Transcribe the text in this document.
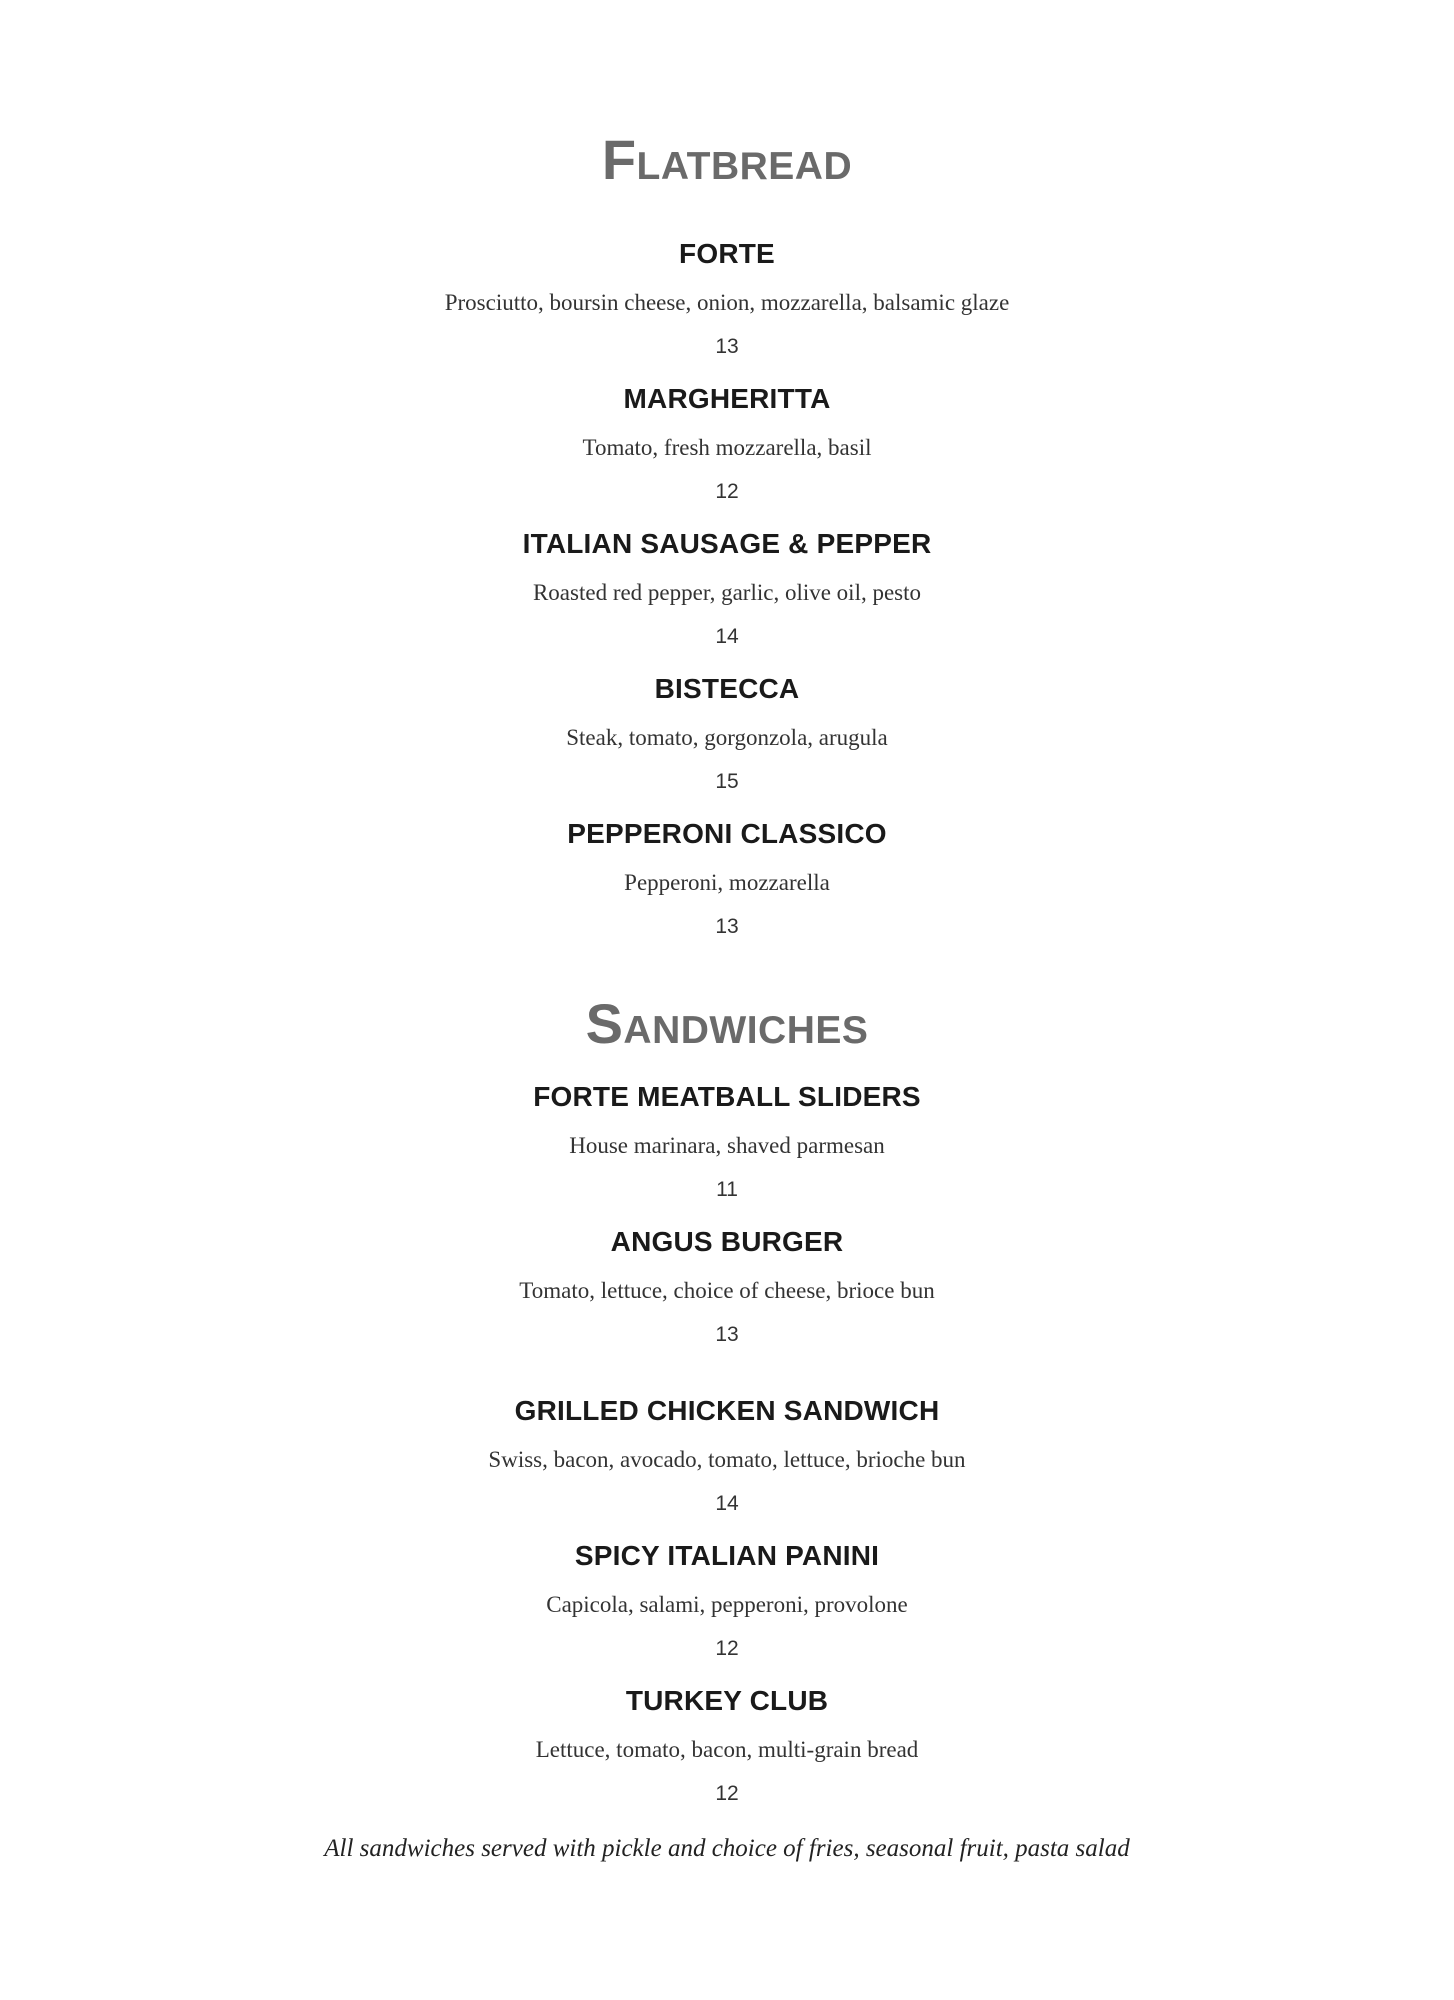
Flatbread
FORTE
Prosciutto, boursin cheese, onion, mozzarella, balsamic glaze
13
MARGHERITTA
Tomato, fresh mozzarella, basil
12
ITALIAN SAUSAGE & PEPPER
Roasted red pepper, garlic, olive oil, pesto
14
BISTECCA
Steak, tomato, gorgonzola, arugula
15
PEPPERONI CLASSICO
Pepperoni, mozzarella
13
Sandwiches
FORTE MEATBALL SLIDERS
House marinara, shaved parmesan
11
ANGUS BURGER
Tomato, lettuce, choice of cheese, brioce bun
13
GRILLED CHICKEN SANDWICH
Swiss, bacon, avocado, tomato, lettuce, brioche bun
14
SPICY ITALIAN PANINI
Capicola, salami, pepperoni, provolone
12
TURKEY CLUB
Lettuce, tomato, bacon, multi-grain bread
12
All sandwiches served with pickle and choice of fries, seasonal fruit, pasta salad
